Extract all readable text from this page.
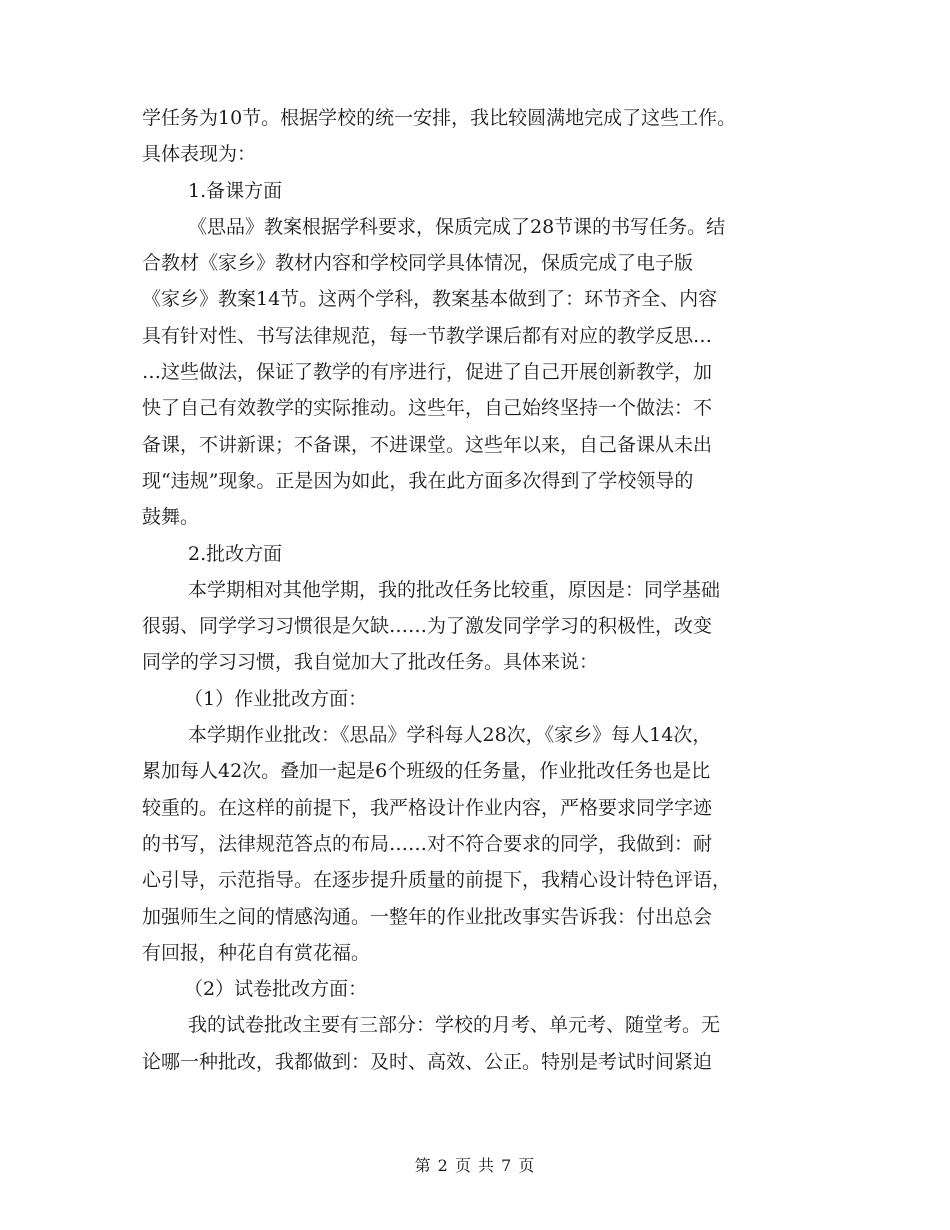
学任务为10节。根据学校的统一安排，我比较圆满地完成了这些工作。
具体表现为：
1.备课方面
《思品》教案根据学科要求，保质完成了28节课的书写任务。结
合教材《家乡》教材内容和学校同学具体情况，保质完成了电子版
《家乡》教案14节。这两个学科，教案基本做到了：环节齐全、内容
具有针对性、书写法律规范，每一节教学课后都有对应的教学反思…
…这些做法，保证了教学的有序进行，促进了自己开展创新教学，加
快了自己有效教学的实际推动。这些年，自己始终坚持一个做法：不
备课，不讲新课；不备课，不进课堂。这些年以来，自己备课从未出
现“违规”现象。正是因为如此，我在此方面多次得到了学校领导的
鼓舞。
2.批改方面
本学期相对其他学期，我的批改任务比较重，原因是：同学基础
很弱、同学学习习惯很是欠缺……为了激发同学学习的积极性，改变
同学的学习习惯，我自觉加大了批改任务。具体来说：
（1）作业批改方面：
本学期作业批改：《思品》学科每人28次，《家乡》每人14次，
累加每人42次。叠加一起是6个班级的任务量，作业批改任务也是比
较重的。在这样的前提下，我严格设计作业内容，严格要求同学字迹
的书写，法律规范答点的布局……对不符合要求的同学，我做到：耐
心引导，示范指导。在逐步提升质量的前提下，我精心设计特色评语，
加强师生之间的情感沟通。一整年的作业批改事实告诉我：付出总会
有回报，种花自有赏花福。
（2）试卷批改方面：
我的试卷批改主要有三部分：学校的月考、单元考、随堂考。无
论哪一种批改，我都做到：及时、高效、公正。特别是考试时间紧迫
第 2 页 共 7 页
